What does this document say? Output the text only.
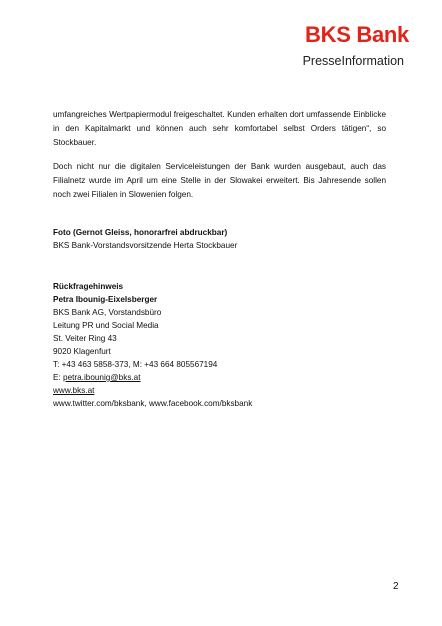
BKS Bank
PresseInformation

umfangreiches Wertpapiermodul freigeschaltet. Kunden erhalten dort umfassende Einblicke in den Kapitalmarkt und können auch sehr komfortabel selbst Orders tätigen“, so Stockbauer.

Doch nicht nur die digitalen Serviceleistungen der Bank wurden ausgebaut, auch das Filialnetz wurde im April um eine Stelle in der Slowakei erweitert. Bis Jahresende sollen noch zwei Filialen in Slowenien folgen.

Foto (Gernot Gleiss, honorarfrei abdruckbar)
BKS Bank-Vorstandsvorsitzende Herta Stockbauer
Rückfragehinweis
Petra Ibounig-Eixelsberger
BKS Bank AG, Vorstandsbüro
Leitung PR und Social Media
St. Veiter Ring 43
9020 Klagenfurt
T: +43 463 5858-373, M: +43 664 805567194
E: petra.ibounig@bks.at
www.bks.at
www.twitter.com/bksbank, www.facebook.com/bksbank
2
